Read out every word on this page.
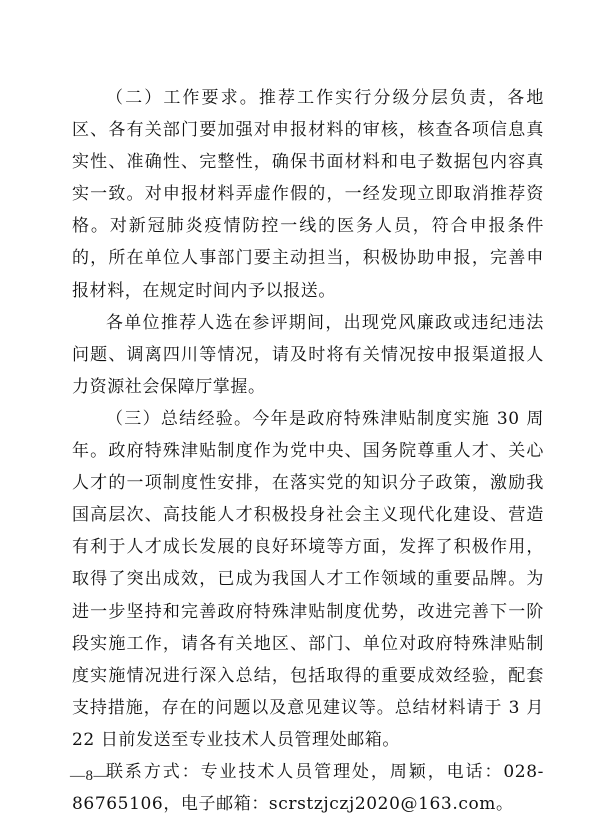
（二）工作要求。推荐工作实行分级分层负责，各地区、各有关部门要加强对申报材料的审核，核查各项信息真实性、准确性、完整性，确保书面材料和电子数据包内容真实一致。对申报材料弄虚作假的，一经发现立即取消推荐资格。对新冠肺炎疫情防控一线的医务人员，符合申报条件的，所在单位人事部门要主动担当，积极协助申报，完善申报材料，在规定时间内予以报送。

各单位推荐人选在参评期间，出现党风廉政或违纪违法问题、调离四川等情况，请及时将有关情况按申报渠道报人力资源社会保障厅掌握。

（三）总结经验。今年是政府特殊津贴制度实施 30 周年。政府特殊津贴制度作为党中央、国务院尊重人才、关心人才的一项制度性安排，在落实党的知识分子政策，激励我国高层次、高技能人才积极投身社会主义现代化建设、营造有利于人才成长发展的良好环境等方面，发挥了积极作用，取得了突出成效，已成为我国人才工作领域的重要品牌。为进一步坚持和完善政府特殊津贴制度优势，改进完善下一阶段实施工作，请各有关地区、部门、单位对政府特殊津贴制度实施情况进行深入总结，包括取得的重要成效经验，配套支持措施，存在的问题以及意见建议等。总结材料请于 3 月 22 日前发送至专业技术人员管理处邮箱。

联系方式：专业技术人员管理处，周颖，电话：028-86765106，电子邮箱：scrstzjczj2020@163.com。

—8—
